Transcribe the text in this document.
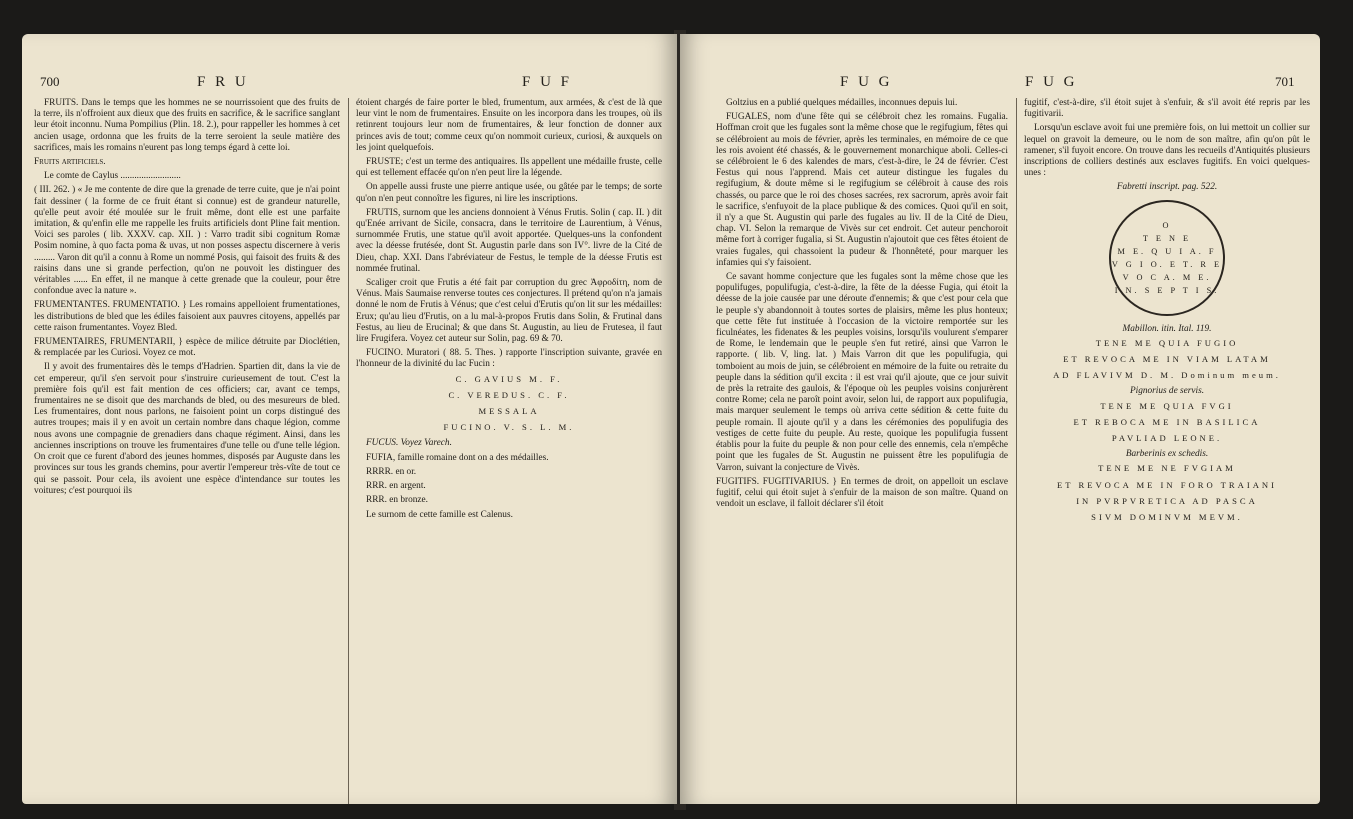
700	F R U	F U F

FRUITS. Dans le temps que les hommes ne se nourrissoient que des fruits de la terre, ils n'offroient aux dieux que des fruits en sacrifice, & le sacrifice sanglant leur étoit inconnu. Numa Pompilius (Plin. 18. 2.), pour rappeller les hommes à cet ancien usage, ordonna que les fruits de la terre seroient la seule matière des sacrifices, mais les romains n'eurent pas long temps égard à cette loi.

Fruits artificiels.

Le comte de Caylus ..........................

( III. 262. ) « Je me contente de dire que la grenade de terre cuite, que je n'ai point fait dessiner ( la forme de ce fruit étant si connue) est de grandeur naturelle, qu'elle peut avoir été moulée sur le fruit même, dont elle est une parfaite imitation, & qu'enfin elle me rappelle les fruits artificiels dont Pline fait mention. Voici ses paroles ( lib. XXXV. cap. XII. ) : Varro tradit sibi cognitum Romæ Posim nomine, à quo facta poma & uvas, ut non posses aspectu discernere à veris ......... Varon dit qu'il a connu à Rome un nommé Posis, qui faisoit des fruits & des raisins dans une si grande perfection, qu'on ne pouvoit les distinguer des véritables ...... En effet, il ne manque à cette grenade que la couleur, pour être confondue avec la nature ».

FRUMENTANTES. FRUMENTATIO. } Les romains appelloient frumentationes, les distributions de bled que les édiles faisoient aux pauvres citoyens, appellés par cette raison frumentantes. Voyez Bled.

FRUMENTAIRES, FRUMENTARII, } espèce de milice détruite par Dioclétien, & remplacée par les Curiosi. Voyez ce mot.

Il y avoit des frumentaires dès le temps d'Hadrien. Spartien dit, dans la vie de cet empereur, qu'il s'en servoit pour s'instruire curieusement de tout. C'est la première fois qu'il est fait mention de ces officiers; car, avant ce temps, frumentaires ne se disoit que des marchands de bled, ou des mesureurs de bled. Les frumentaires, dont nous parlons, ne faisoient point un corps distingué des autres troupes; mais il y en avoit un certain nombre dans chaque légion, comme nous avons une compagnie de grenadiers dans chaque régiment. Ainsi, dans les anciennes inscriptions on trouve les frumentaires d'une telle ou d'une telle légion. On croit que ce furent d'abord des jeunes hommes, disposés par Auguste dans les provinces sur tous les grands chemins, pour avertir l'empereur très-vîte de tout ce qui se passoit. Pour cela, ils avoient une espèce d'intendance sur toutes les voitures; c'est pourquoi ils

étoient chargés de faire porter le bled, frumentum, aux armées, & c'est de là que leur vint le nom de frumentaires. Ensuite on les incorpora dans les troupes, où ils retinrent toujours leur nom de frumentaires, & leur fonction de donner aux princes avis de tout; comme ceux qu'on nommoit curieux, curiosi, & auxquels on les joint quelquefois.

FRUSTE; c'est un terme des antiquaires. Ils appellent une médaille fruste, celle qui est tellement effacée qu'on n'en peut lire la légende.

On appelle aussi fruste une pierre antique usée, ou gâtée par le temps; de sorte qu'on n'en peut connoître les figures, ni lire les inscriptions.

FRUTIS, surnom que les anciens donnoient à Vénus Frutis. Solin ( cap. II. ) dit qu'Enée arrivant de Sicile, consacra, dans le territoire de Laurentium, à Vénus, surnommée Frutis, une statue qu'il avoit apportée. Quelques-uns la confondent avec la déesse frutésée, dont St. Augustin parle dans son IV°. livre de la Cité de Dieu, chap. XXI. Dans l'abréviateur de Festus, le temple de la déesse Frutis est nommée frutinal.

Scaliger croit que Frutis a été fait par corruption du grec Ἀφροδίτη, nom de Vénus. Mais Saumaise renverse toutes ces conjectures. Il prétend qu'on n'a jamais donné le nom de Frutis à Vénus; que c'est celui d'Erutis qu'on lit sur les médailles: Erux; qu'au lieu d'Frutis, on a lu mal-à-propos Frutis dans Solin, & Frutinal dans Festus, au lieu de Erucinal; & que dans St. Augustin, au lieu de Frutesea, il faut lire Frugifera. Voyez cet auteur sur Solin, pag. 69 & 70.

FUCINO. Muratori ( 88. 5. Thes. ) rapporte l'inscription suivante, gravée en l'honneur de la divinité du lac Fucin :

C. GAVIUS M. F.
C. VEREDUS. C. F.
MESSALA
FUCINO. V. S. L. M.

FUCUS. Voyez Varech.

FUFIA, famille romaine dont on a des médailles.

RRRR. en or.

RRR. en argent.

RRR. en bronze.

Le surnom de cette famille est Calenus.

F U G	F U G	701

Goltzius en a publié quelques médailles, inconnues depuis lui.

FUGALES, nom d'une fête qui se célébroit chez les romains. Fugalia. Hoffman croit que les fugales sont la même chose que le regifugium, fêtes qui se célébroient au mois de février, après les terminales, en mémoire de ce que les rois avoient été chassés, & le gouvernement monarchique aboli. Celles-ci se célébroient le 6 des kalendes de mars, c'est-à-dire, le 24 de février. C'est Festus qui nous l'apprend. Mais cet auteur distingue les fugales du regifugium, & doute même si le regifugium se célébroit à cause des rois chassés, ou parce que le roi des choses sacrées, rex sacrorum, après avoir fait le sacrifice, s'enfuyoit de la place publique & des comices. Quoi qu'il en soit, il n'y a que St. Augustin qui parle des fugales au liv. II de la Cité de Dieu, chap. VI. Selon la remarque de Vivès sur cet endroit. Cet auteur penchoroit même fort à corriger fugalia, si St. Augustin n'ajoutoit que ces fêtes étoient de vraies fugales, qui chassoient la pudeur & l'honnêteté, pour marquer les infamies qui s'y faisoient.

Ce savant homme conjecture que les fugales sont la même chose que les populifuges, populifugia, c'est-à-dire, la fête de la déesse Fugia, qui étoit la déesse de la joie causée par une déroute d'ennemis; & que c'est pour cela que le peuple s'y abandonnoit à toutes sortes de plaisirs, même les plus honteux; que cette fête fut instituée à l'occasion de la victoire remportée sur les ficulnéates, les fidenates & les peuples voisins, lorsqu'ils voulurent s'emparer de Rome, le lendemain que le peuple s'en fut retiré, ainsi que Varron le rapporte. ( lib. V, ling. lat. ) Mais Varron dit que les populifugia, qui tomboient au mois de juin, se célébroient en mémoire de la fuite ou retraite du peuple dans la sédition qu'il excita : il est vrai qu'il ajoute, que ce jour suivit de près la retraite des gaulois, & l'époque où les peuples voisins conjurèrent contre Rome; cela ne paroît point avoir, selon lui, de rapport aux populifugia, mais marquer seulement le temps où arriva cette sédition & cette fuite du peuple romain. Il ajoute qu'il y a dans les cérémonies des populifugia des vestiges de cette fuite du peuple. Au reste, quoique les populifugia fussent établis pour la fuite du peuple & non pour celle des ennemis, cela n'empêche point que les fugales de St. Augustin ne puissent être les populifugia de Varron, suivant la conjecture de Vivès.

FUGITIFS. FUGITIVARIUS. } En termes de droit, on appelloit un esclave fugitif, celui qui étoit sujet à s'enfuir de la maison de son maître. Quand on vendoit un esclave, il falloit déclarer s'il étoit

fugitif, c'est-à-dire, s'il étoit sujet à s'enfuir, & s'il avoit été repris par les fugitivarii.

Lorsqu'un esclave avoit fui une première fois, on lui mettoit un collier sur lequel on gravoit la demeure, ou le nom de son maître, afin qu'on pût le ramener, s'il fuyoit encore. On trouve dans les recueils d'Antiquités plusieurs inscriptions de colliers destinés aux esclaves fugitifs. En voici quelques-unes :

Fabretti inscript. pag. 522.

O
T E N E
M E. Q U I A. F
V G I O. E T. R E
V O C A. M E.
I N. S E P T I S.

Mabillon. itin. Ital. 119.

TENE ME QUIA FUGIO
ET REVOCA ME IN VIAM LATAM
AD FLAVIVM D. M. Dominum meum.

Pignorius de servis.

TENE ME QUIA FVGI
ET REBOCA ME IN BASILICA
PAVLIAD LEONE.

Barberinis ex schedis.

TENE ME NE FVGIAM
ET REVOCA ME IN FORO TRAIANI
IN PVRPVRETICA AD PASCA
SIVM DOMINVM MEVM.
